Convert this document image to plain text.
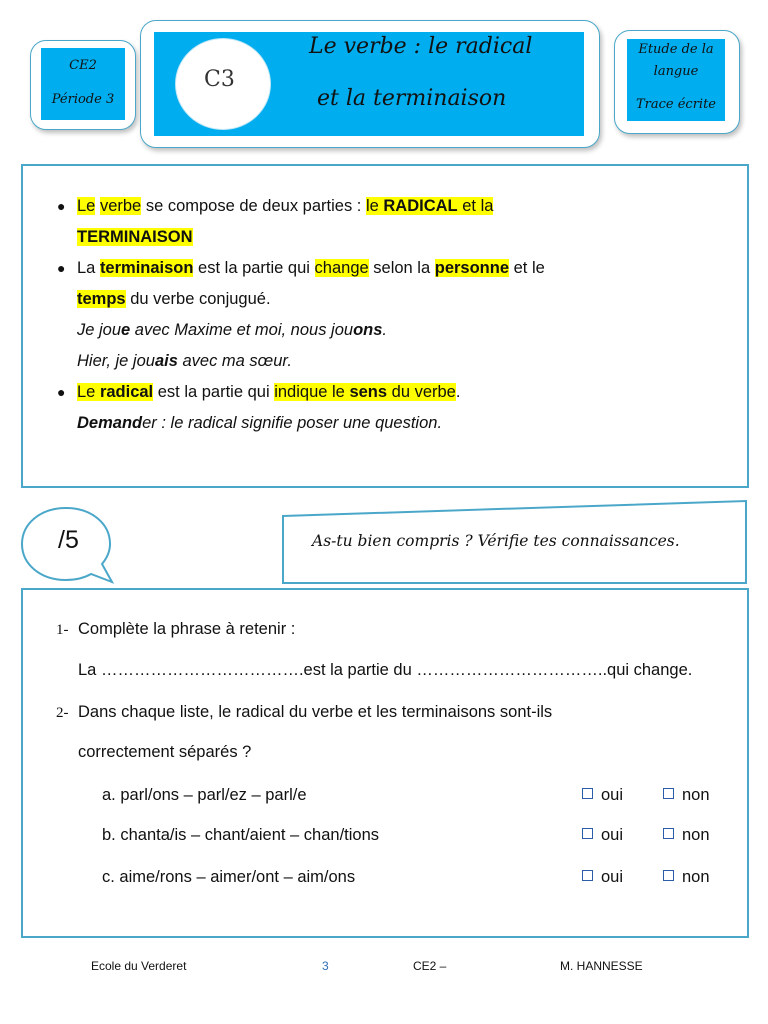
CE2
Période 3
C3
Le verbe : le radical
et la terminaison
Etude de la
langue
Trace écrite
● Le verbe se compose de deux parties : le RADICAL et la
TERMINAISON
● La terminaison est la partie qui change selon la personne et le
temps du verbe conjugué.
Je joue avec Maxime et moi, nous jouons.
Hier, je jouais avec ma sœur.
● Le radical est la partie qui indique le sens du verbe.
Demander : le radical signifie poser une question.
/5	As-tu bien compris ? Vérifie tes connaissances.
1- Complète la phrase à retenir :
La ……………………………….est la partie du ……………………………..qui change.
2- Dans chaque liste, le radical du verbe et les terminaisons sont-ils
correctement séparés ?
a. parl/ons – parl/ez – parl/e	oui	non
b. chanta/is – chant/aient – chan/tions	oui	non
c. aime/rons – aimer/ont – aim/ons	oui	non
Ecole du Verderet	3	CE2 –	M. HANNESSE
